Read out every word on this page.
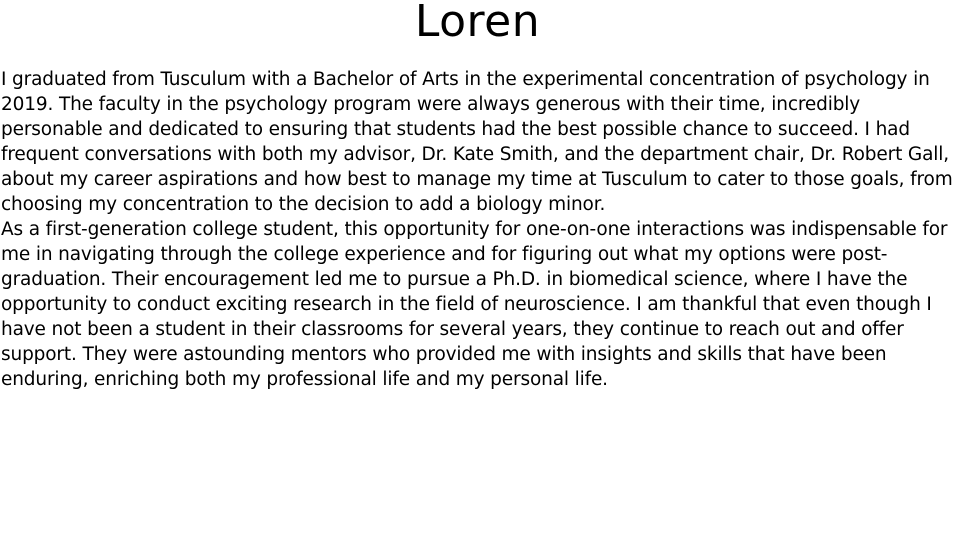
Loren

I graduated from Tusculum with a Bachelor of Arts in the experimental concentration of psychology in 2019. The faculty in the psychology program were always generous with their time, incredibly personable and dedicated to ensuring that students had the best possible chance to succeed. I had frequent conversations with both my advisor, Dr. Kate Smith, and the department chair, Dr. Robert Gall, about my career aspirations and how best to manage my time at Tusculum to cater to those goals, from choosing my concentration to the decision to add a biology minor.

As a first-generation college student, this opportunity for one-on-one interactions was indispensable for me in navigating through the college experience and for figuring out what my options were post-graduation. Their encouragement led me to pursue a Ph.D. in biomedical science, where I have the opportunity to conduct exciting research in the field of neuroscience. I am thankful that even though I have not been a student in their classrooms for several years, they continue to reach out and offer support. They were astounding mentors who provided me with insights and skills that have been enduring, enriching both my professional life and my personal life.
